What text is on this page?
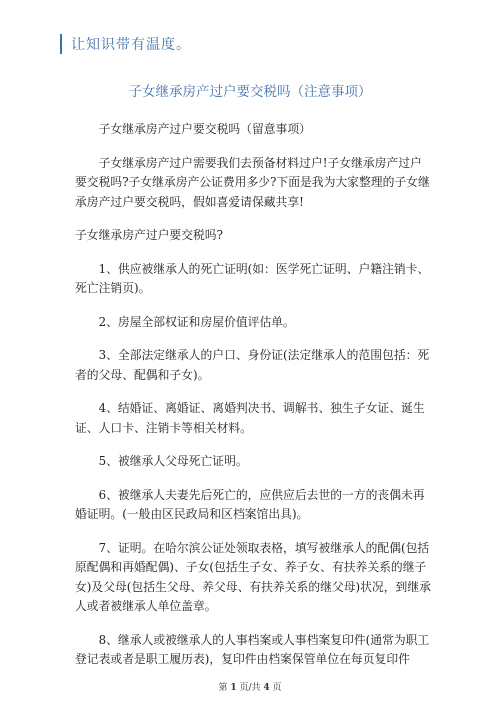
让知识带有温度。
子女继承房产过户要交税吗（注意事项）

子女继承房产过户要交税吗（留意事项）

子女继承房产过户需要我们去预备材料过户!子女继承房产过户要交税吗?子女继承房产公证费用多少?下面是我为大家整理的子女继承房产过户要交税吗，假如喜爱请保藏共享!

子女继承房产过户要交税吗?

1、供应被继承人的死亡证明(如：医学死亡证明、户籍注销卡、死亡注销页)。

2、房屋全部权证和房屋价值评估单。

3、全部法定继承人的户口、身份证(法定继承人的范围包括：死者的父母、配偶和子女)。

4、结婚证、离婚证、离婚判决书、调解书、独生子女证、诞生证、人口卡、注销卡等相关材料。

5、被继承人父母死亡证明。

6、被继承人夫妻先后死亡的，应供应后去世的一方的丧偶未再婚证明。(一般由区民政局和区档案馆出具)。

7、证明。在哈尔滨公证处领取表格，填写被继承人的配偶(包括原配偶和再婚配偶)、子女(包括生子女、养子女、有扶养关系的继子女)及父母(包括生父母、养父母、有扶养关系的继父母)状况，到继承人或者被继承人单位盖章。

8、继承人或被继承人的人事档案或人事档案复印件(通常为职工登记表或者是职工履历表)，复印件由档案保管单位在每页复印件

第 1 页/共 4 页
